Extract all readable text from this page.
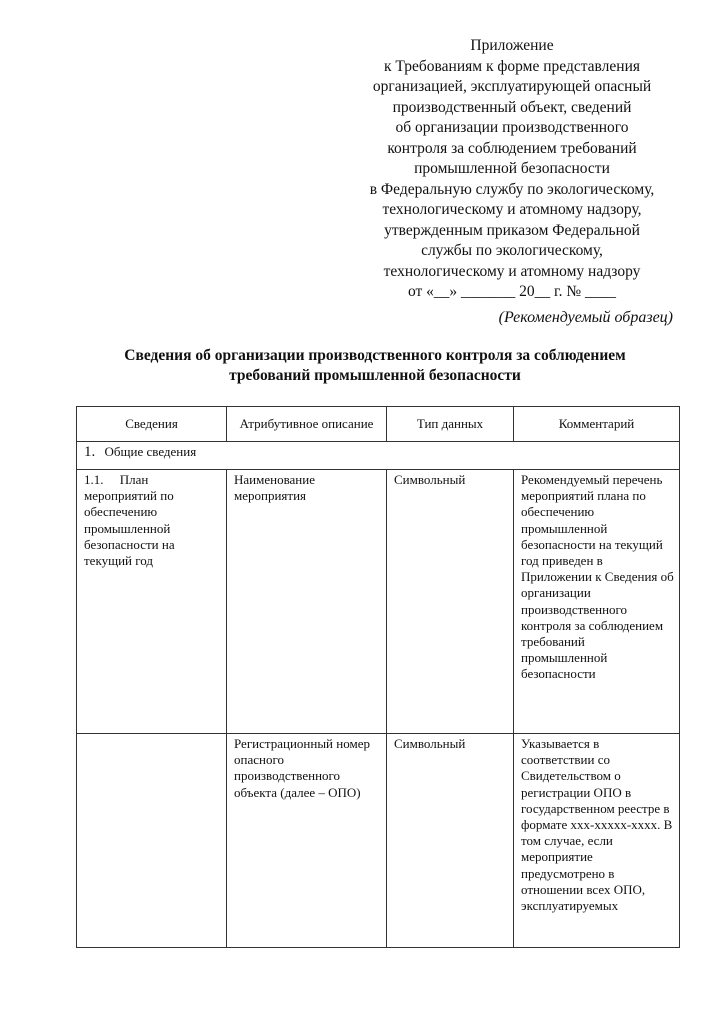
Приложение
к Требованиям к форме представления
организацией, эксплуатирующей опасный
производственный объект, сведений
об организации производственного
контроля за соблюдением требований
промышленной безопасности
в Федеральную службу по экологическому,
технологическому и атомному надзору,
утвержденным приказом Федеральной
службы по экологическому,
технологическому и атомному надзору
от «__» _______ 20__ г. № ____
(Рекомендуемый образец)
Сведения об организации производственного контроля за соблюдением
требований промышленной безопасности
Сведения	Атрибутивное описание	Тип данных	Комментарий
1. Общие сведения			

1.1.     План мероприятий по обеспечению промышленной безопасности на текущий год	Наименование мероприятия	Символьный	Рекомендуемый перечень мероприятий плана по обеспечению промышленной безопасности на текущий год приведен в Приложении к Сведения об организации производственного контроля за соблюдением требований промышленной безопасности

	Регистрационный номер опасного производственного объекта (далее – ОПО)	Символьный	Указывается в соответствии со Свидетельством о регистрации ОПО в государственном реестре в формате ххх-ххххх-хххх. В том случае, если мероприятие предусмотрено в отношении всех ОПО, эксплуатируемых
